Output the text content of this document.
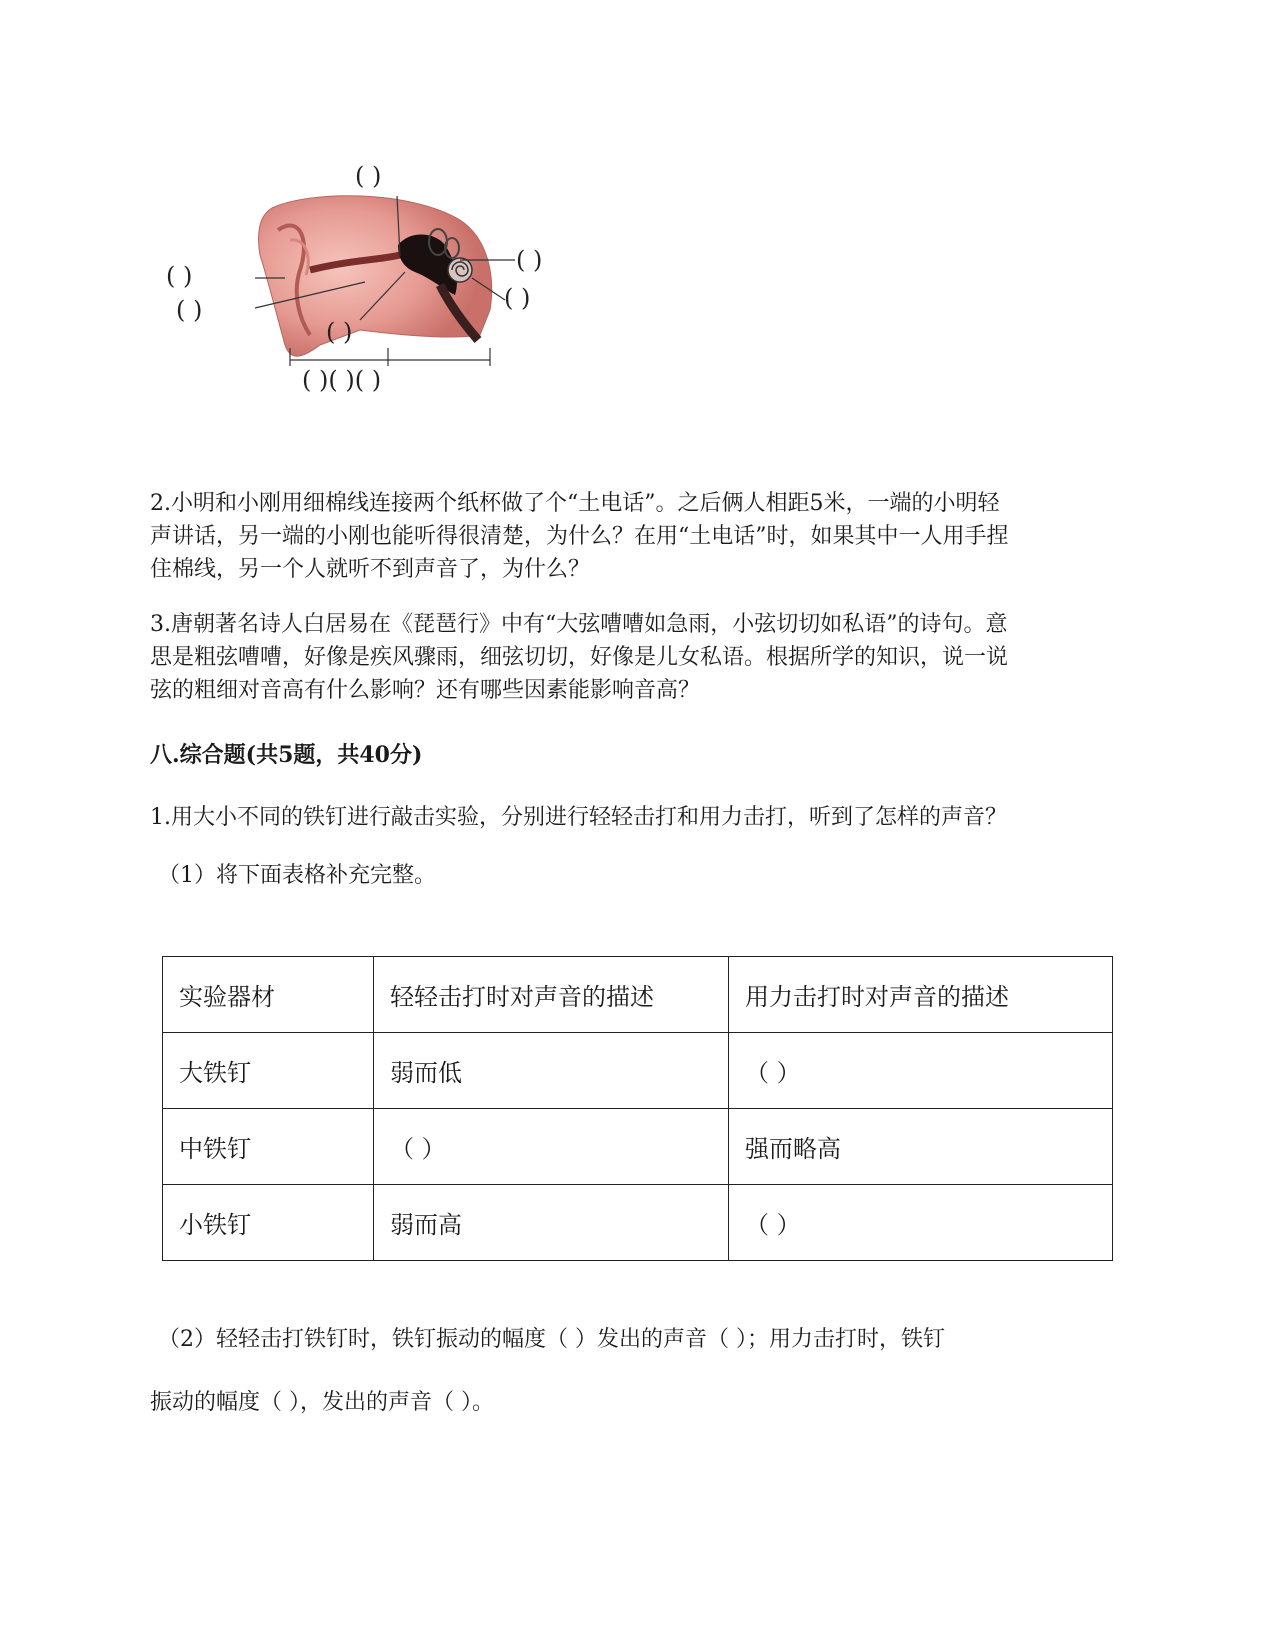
( )
( )
( )
( )
( )
( )
( )( )( )
2.小明和小刚用细棉线连接两个纸杯做了个“土电话”。之后俩人相距5米，一端的小明轻
声讲话，另一端的小刚也能听得很清楚，为什么？在用“土电话”时，如果其中一人用手捏
住棉线，另一个人就听不到声音了，为什么？
3.唐朝著名诗人白居易在《琵琶行》中有“大弦嘈嘈如急雨，小弦切切如私语”的诗句。意
思是粗弦嘈嘈，好像是疾风骤雨，细弦切切，好像是儿女私语。根据所学的知识，说一说
弦的粗细对音高有什么影响？还有哪些因素能影响音高？
八.综合题(共5题，共40分)
1.用大小不同的铁钉进行敲击实验，分别进行轻轻击打和用力击打，听到了怎样的声音？
（1）将下面表格补充完整。
实验器材	轻轻击打时对声音的描述	用力击打时对声音的描述
大铁钉	弱而低	（ ）
中铁钉	（ ）	强而略高
小铁钉	弱而高	（ ）
（2）轻轻击打铁钉时，铁钉振动的幅度（ ）发出的声音（ ）；用力击打时，铁钉
振动的幅度（ ），发出的声音（ ）。
